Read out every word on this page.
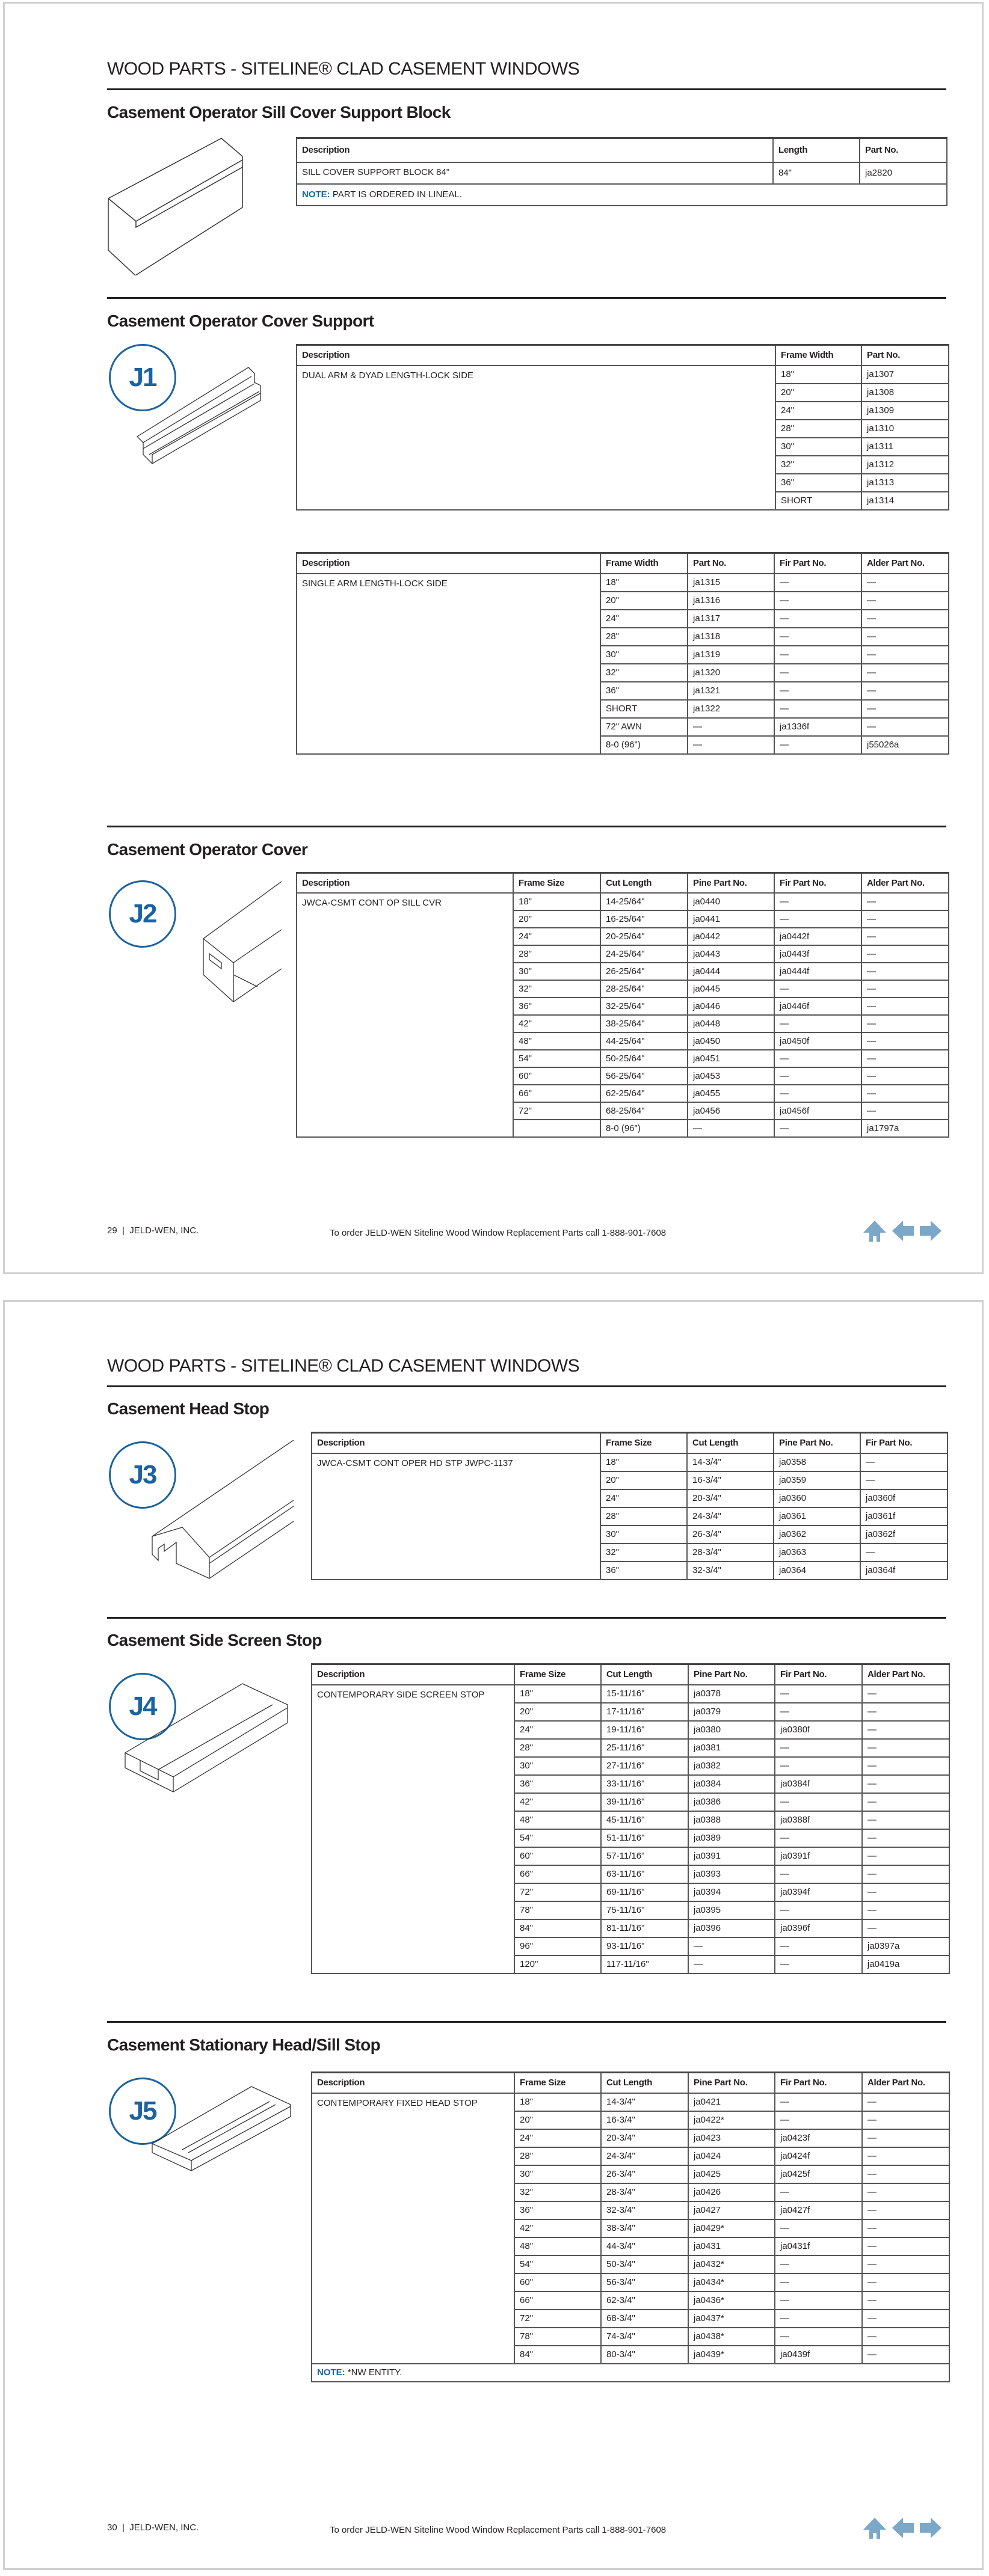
WOOD PARTS - SITELINE® CLAD CASEMENT WINDOWS
Casement Operator Sill Cover Support Block
Description	Length	Part No.
SILL COVER SUPPORT BLOCK 84"	84"	ja2820
NOTE: PART IS ORDERED IN LINEAL.		
Casement Operator Cover Support
J1
Description	Frame Width	Part No.
DUAL ARM & DYAD LENGTH-LOCK SIDE	18"	ja1307
	20"	ja1308
	24"	ja1309
	28"	ja1310
	30"	ja1311
	32"	ja1312
	36"	ja1313
	SHORT	ja1314
Description	Frame Width	Part No.	Fir Part No.	Alder Part No.
SINGLE ARM LENGTH-LOCK SIDE	18"	ja1315	—	—
	20"	ja1316	—	—
	24"	ja1317	—	—
	28"	ja1318	—	—
	30"	ja1319	—	—
	32"	ja1320	—	—
	36"	ja1321	—	—
	SHORT	ja1322	—	—
	72" AWN	—	ja1336f	—
	8-0 (96")	—	—	j55026a
Casement Operator Cover
J2
Description	Frame Size	Cut Length	Pine Part No.	Fir Part No.	Alder Part No.
JWCA-CSMT CONT OP SILL CVR	18"	14-25/64"	ja0440	—	—
	20"	16-25/64"	ja0441	—	—
	24"	20-25/64"	ja0442	ja0442f	—
	28"	24-25/64"	ja0443	ja0443f	—
	30"	26-25/64"	ja0444	ja0444f	—
	32"	28-25/64"	ja0445	—	—
	36"	32-25/64"	ja0446	ja0446f	—
	42"	38-25/64"	ja0448	—	—
	48"	44-25/64"	ja0450	ja0450f	—
	54"	50-25/64"	ja0451	—	—
	60"	56-25/64"	ja0453	—	—
	66"	62-25/64"	ja0455	—	—
	72"	68-25/64"	ja0456	ja0456f	—
		8-0 (96")	—	—	ja1797a
29  |  JELD-WEN, INC.	To order JELD-WEN Siteline Wood Window Replacement Parts call 1-888-901-7608
WOOD PARTS - SITELINE® CLAD CASEMENT WINDOWS
Casement Head Stop
J3
Description	Frame Size	Cut Length	Pine Part No.	Fir Part No.
JWCA-CSMT CONT OPER HD STP JWPC-1137	18"	14-3/4"	ja0358	—
	20"	16-3/4"	ja0359	—
	24"	20-3/4"	ja0360	ja0360f
	28"	24-3/4"	ja0361	ja0361f
	30"	26-3/4"	ja0362	ja0362f
	32"	28-3/4"	ja0363	—
	36"	32-3/4"	ja0364	ja0364f
Casement Side Screen Stop
J4
Description	Frame Size	Cut Length	Pine Part No.	Fir Part No.	Alder Part No.
CONTEMPORARY SIDE SCREEN STOP	18"	15-11/16"	ja0378	—	—
	20"	17-11/16"	ja0379	—	—
	24"	19-11/16"	ja0380	ja0380f	—
	28"	25-11/16"	ja0381	—	—
	30"	27-11/16"	ja0382	—	—
	36"	33-11/16"	ja0384	ja0384f	—
	42"	39-11/16"	ja0386	—	—
	48"	45-11/16"	ja0388	ja0388f	—
	54"	51-11/16"	ja0389	—	—
	60"	57-11/16"	ja0391	ja0391f	—
	66"	63-11/16"	ja0393	—	—
	72"	69-11/16"	ja0394	ja0394f	—
	78"	75-11/16"	ja0395	—	—
	84"	81-11/16"	ja0396	ja0396f	—
	96"	93-11/16"	—	—	ja0397a
	120"	117-11/16"	—	—	ja0419a
Casement Stationary Head/Sill Stop
J5
Description	Frame Size	Cut Length	Pine Part No.	Fir Part No.	Alder Part No.
CONTEMPORARY FIXED HEAD STOP	18"	14-3/4"	ja0421	—	—
	20"	16-3/4"	ja0422*	—	—
	24"	20-3/4"	ja0423	ja0423f	—
	28"	24-3/4"	ja0424	ja0424f	—
	30"	26-3/4"	ja0425	ja0425f	—
	32"	28-3/4"	ja0426	—	—
	36"	32-3/4"	ja0427	ja0427f	—
	42"	38-3/4"	ja0429*	—	—
	48"	44-3/4"	ja0431	ja0431f	—
	54"	50-3/4"	ja0432*	—	—
	60"	56-3/4"	ja0434*	—	—
	66"	62-3/4"	ja0436*	—	—
	72"	68-3/4"	ja0437*	—	—
	78"	74-3/4"	ja0438*	—	—
	84"	80-3/4"	ja0439*	ja0439f	—
NOTE: *NW ENTITY.					
30  |  JELD-WEN, INC.	To order JELD-WEN Siteline Wood Window Replacement Parts call 1-888-901-7608
